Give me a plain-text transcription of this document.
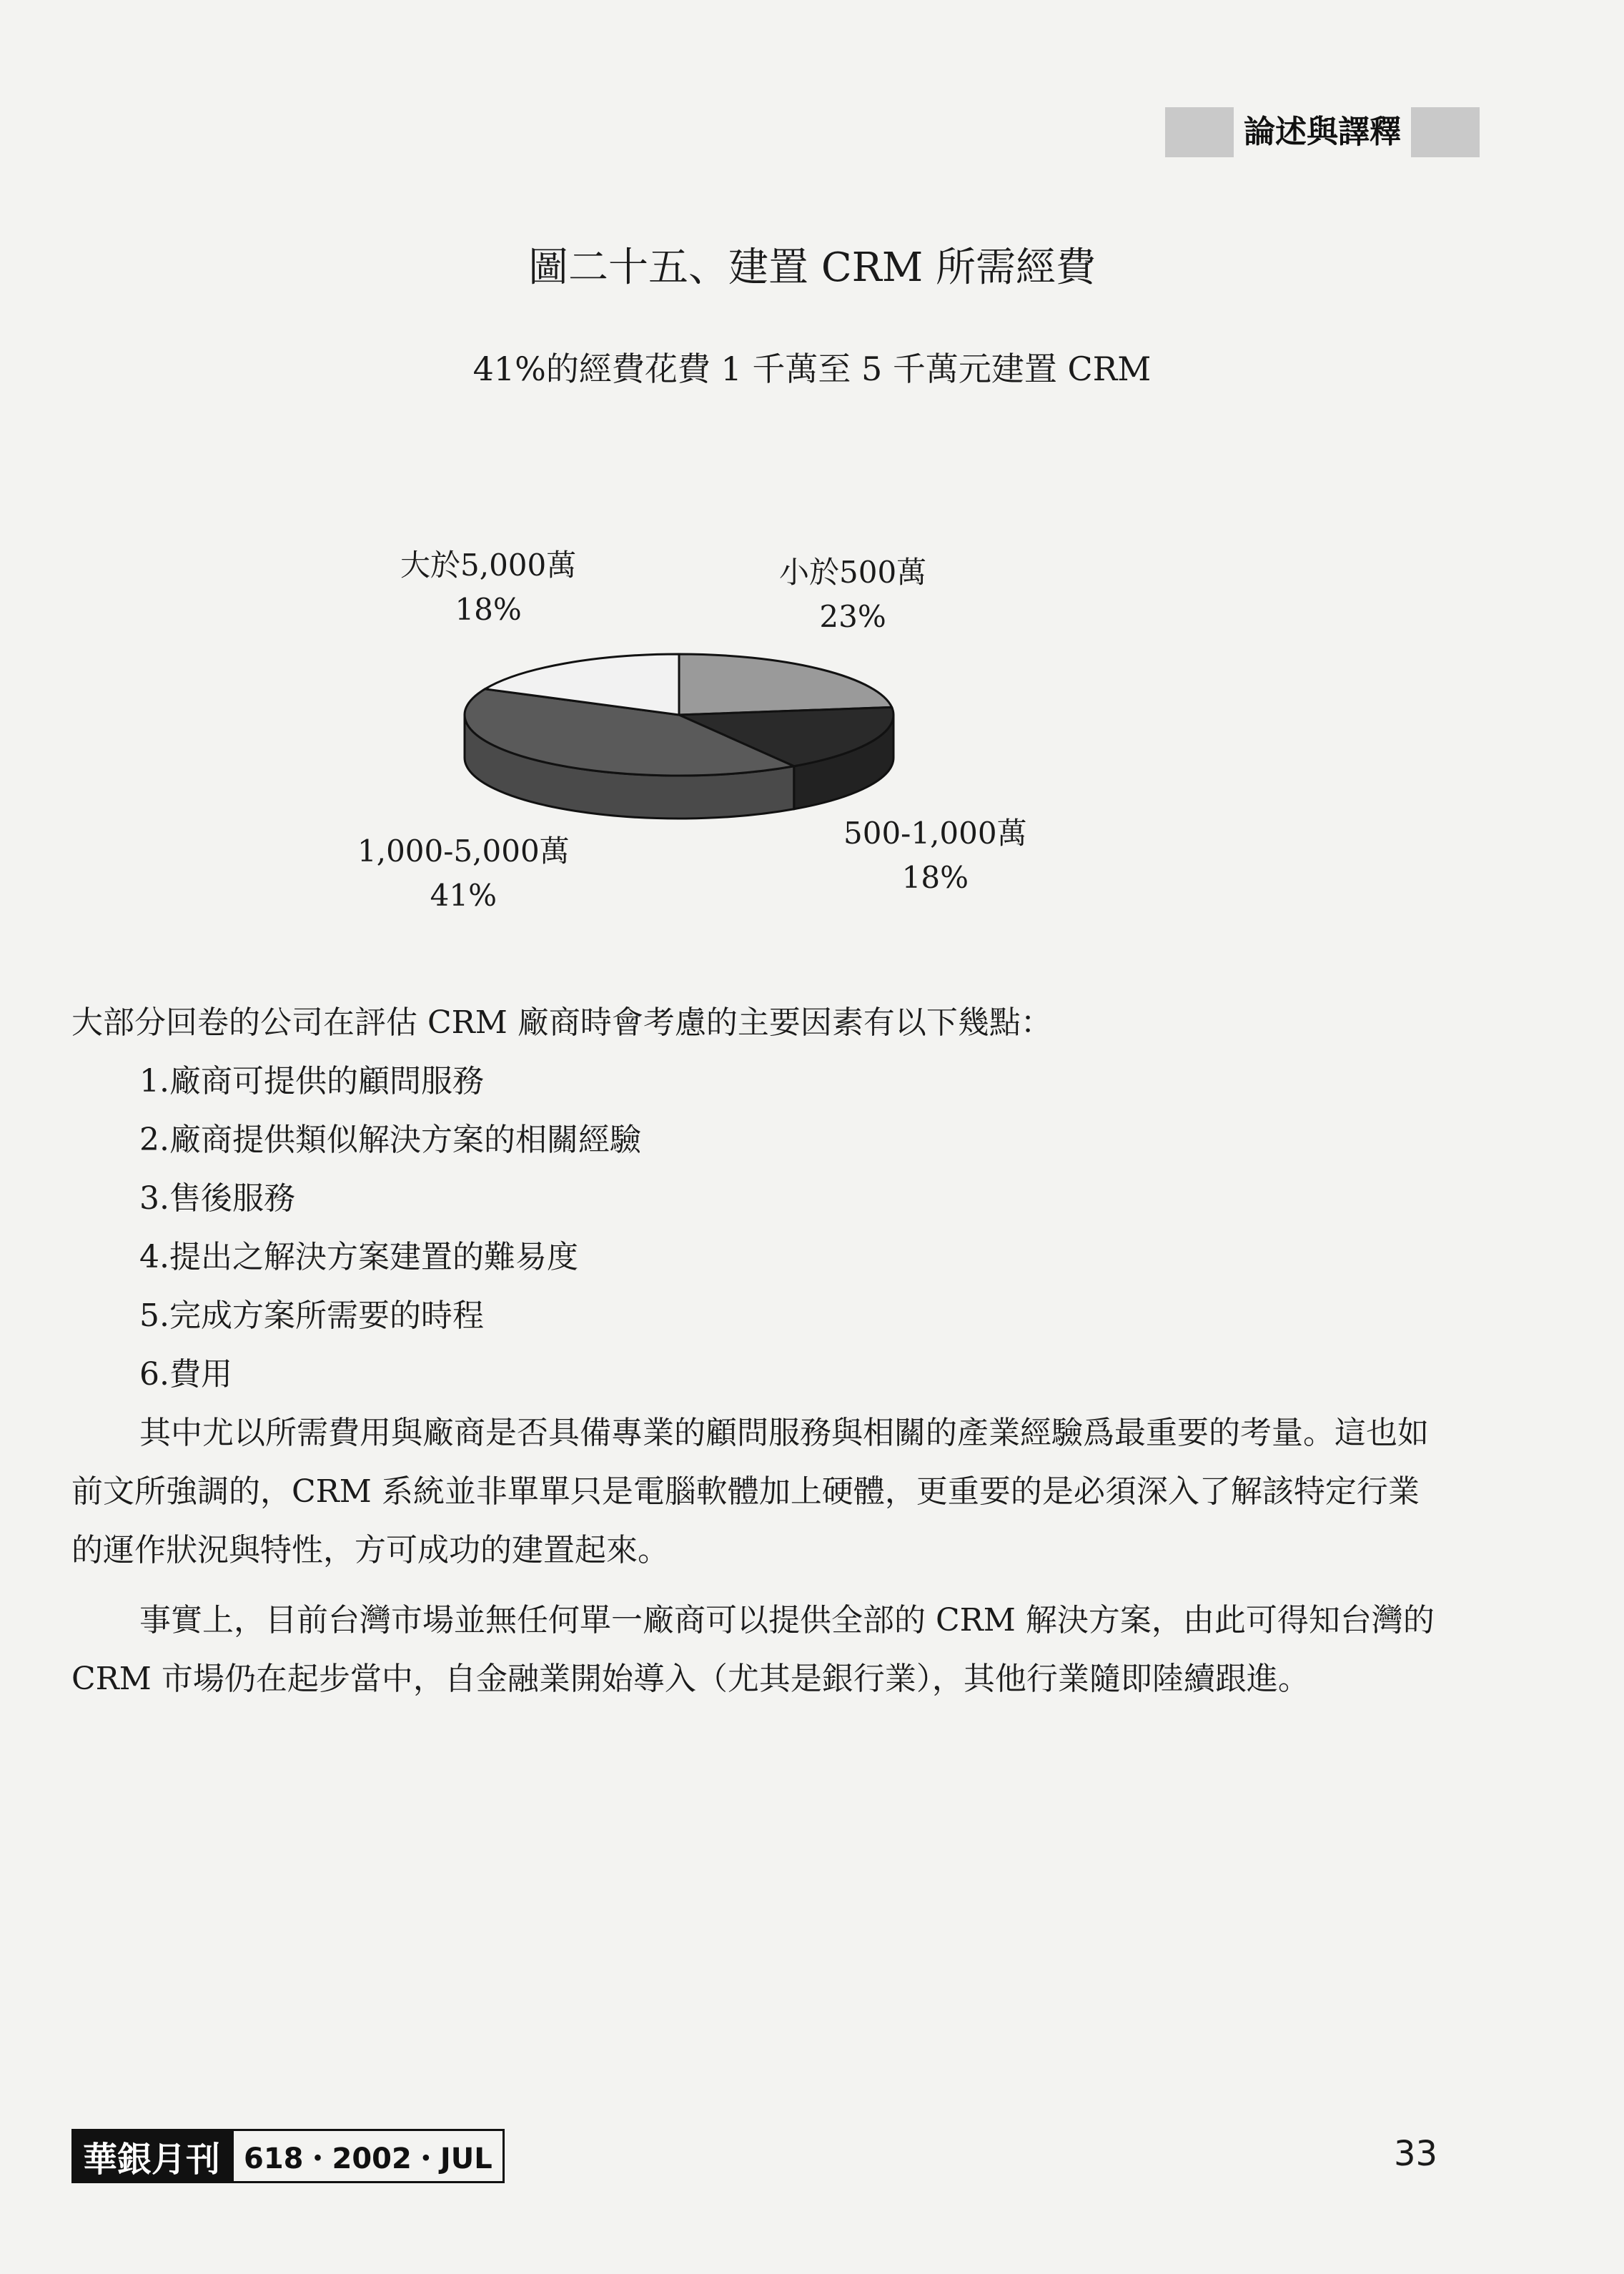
論述與譯釋
圖二十五、建置 CRM 所需經費
41%的經費花費 1 千萬至 5 千萬元建置 CRM
大於5,000萬
18%
小於500萬
23%
500-1,000萬
18%
1,000-5,000萬
41%

大部分回卷的公司在評估 CRM 廠商時會考慮的主要因素有以下幾點：

1.廠商可提供的顧問服務

2.廠商提供類似解決方案的相關經驗

3.售後服務

4.提出之解決方案建置的難易度

5.完成方案所需要的時程

6.費用

其中尤以所需費用與廠商是否具備專業的顧問服務與相關的產業經驗爲最重要的考量。這也如前文所強調的，CRM 系統並非單單只是電腦軟體加上硬體，更重要的是必須深入了解該特定行業的運作狀況與特性，方可成功的建置起來。

事實上，目前台灣市場並無任何單一廠商可以提供全部的 CRM 解決方案，由此可得知台灣的 CRM 市場仍在起步當中，自金融業開始導入（尤其是銀行業），其他行業隨即陸續跟進。

華銀月刊 618・2002・JUL	33
